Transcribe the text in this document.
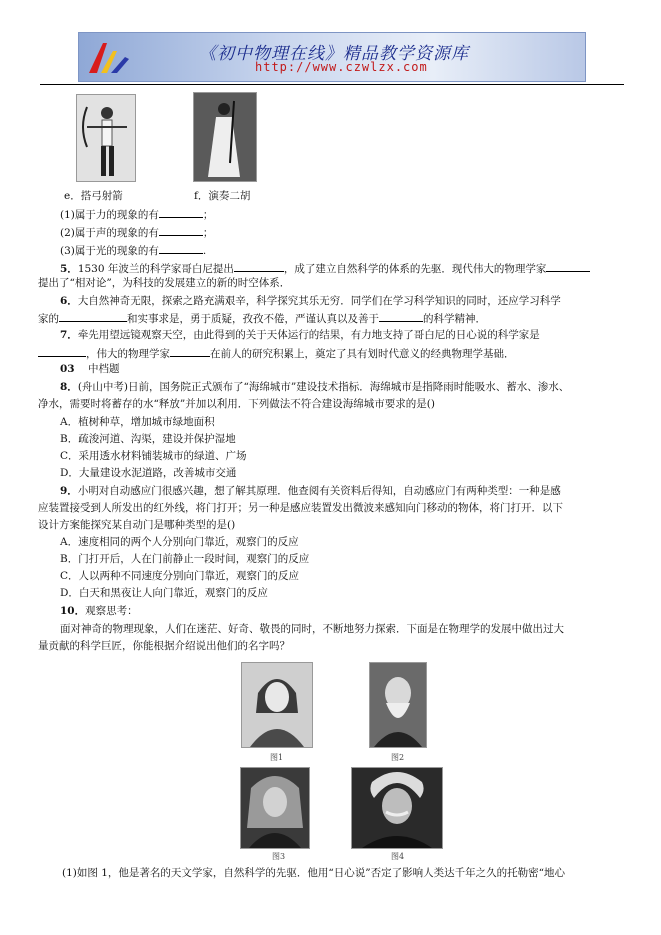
《初中物理在线》精品教学资源库
http://www.czwlzx.com
e．搭弓射箭	f．演奏二胡
(1)属于力的现象的有	；
(2)属于声的现象的有	；
(3)属于光的现象的有	.
5．1530 年波兰的科学家哥白尼提出	，成了建立自然科学的体系的先驱．现代伟大的物理学家
提出了“相对论”，为科技的发展建立的新的时空体系．
6．大自然神奇无限，探索之路充满艰辛，科学探究其乐无穷．同学们在学习科学知识的同时，还应学习科学
家的	和实事求是，勇于质疑，孜孜不倦，严谨认真以及善于	的科学精神．
7．牵先用望远镜观察天空，由此得到的关于天体运行的结果，有力地支持了哥白尼的日心说的科学家是
，伟大的物理学家	在前人的研究积累上，奠定了具有划时代意义的经典物理学基础．
03 中档题
8．(舟山中考)日前，国务院正式颁布了“海绵城市”建设技术指标．海绵城市是指降雨时能吸水、蓄水、渗水、
净水，需要时将蓄存的水“释放”并加以利用．下列做法不符合建设海绵城市要求的是()
A．植树种草，增加城市绿地面积
B．疏浚河道、沟渠，建设并保护湿地
C．采用透水材料铺装城市的绿道、广场
D．大量建设水泥道路，改善城市交通
9．小明对自动感应门很感兴趣，想了解其原理．他查阅有关资料后得知，自动感应门有两种类型：一种是感
应装置接受到人所发出的红外线，将门打开；另一种是感应装置发出微波来感知向门移动的物体，将门打开．以下
设计方案能探究某自动门是哪种类型的是()
A．速度相同的两个人分别向门靠近，观察门的反应
B．门打开后，人在门前静止一段时间，观察门的反应
C．人以两种不同速度分别向门靠近，观察门的反应
D．白天和黑夜让人向门靠近，观察门的反应
10．观察思考：
面对神奇的物理现象，人们在迷茫、好奇、敬畏的同时，不断地努力探索．下面是在物理学的发展中做出过大
量贡献的科学巨匠，你能根据介绍说出他们的名字吗？
图1	图2
图3	图4
(1)如图 1，他是著名的天文学家，自然科学的先驱．他用“日心说”否定了影响人类达千年之久的托勒密“地心
